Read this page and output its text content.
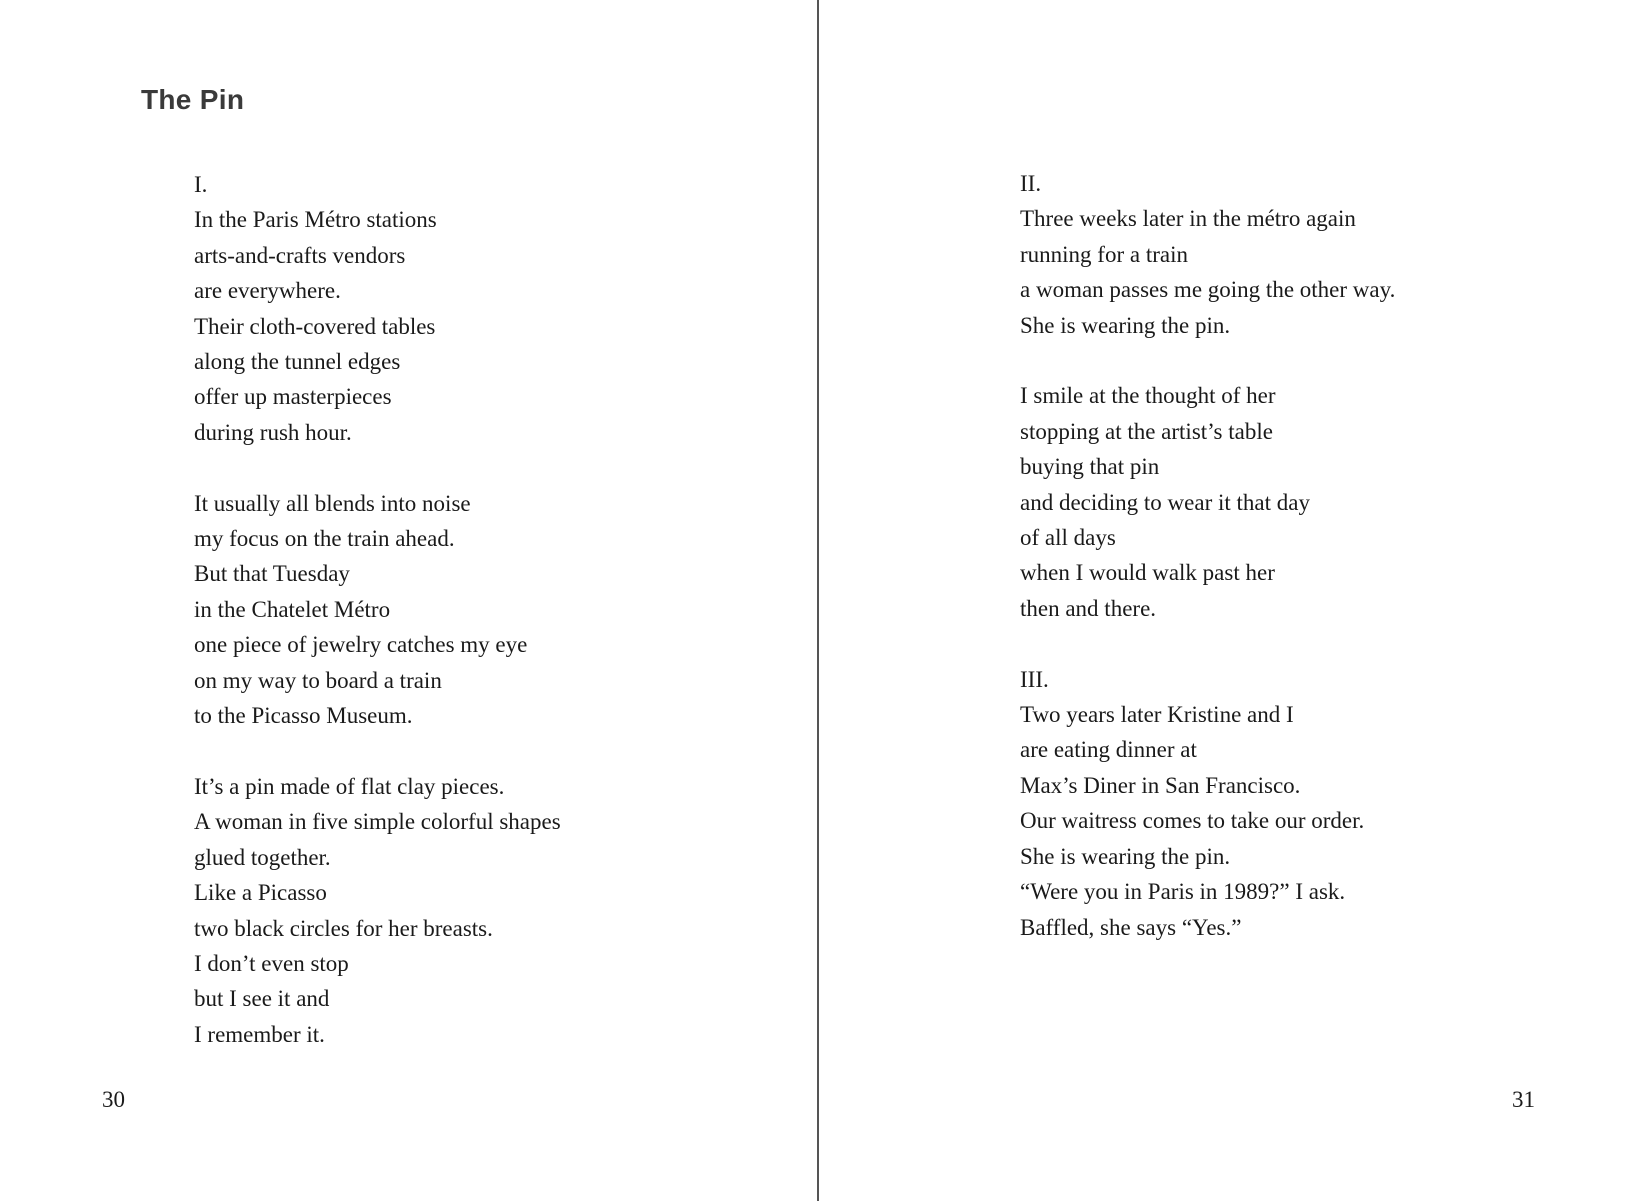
The Pin

I.
In the Paris Métro stations
arts-and-crafts vendors
are everywhere.
Their cloth-covered tables
along the tunnel edges
offer up masterpieces
during rush hour.

It usually all blends into noise
my focus on the train ahead.
But that Tuesday
in the Chatelet Métro
one piece of jewelry catches my eye
on my way to board a train
to the Picasso Museum.

It’s a pin made of flat clay pieces.
A woman in five simple colorful shapes
glued together.
Like a Picasso
two black circles for her breasts.
I don’t even stop
but I see it and
I remember it.

30

II.
Three weeks later in the métro again
running for a train
a woman passes me going the other way.
She is wearing the pin.

I smile at the thought of her
stopping at the artist’s table
buying that pin
and deciding to wear it that day
of all days
when I would walk past her
then and there.

III.
Two years later Kristine and I
are eating dinner at
Max’s Diner in San Francisco.
Our waitress comes to take our order.
She is wearing the pin.
“Were you in Paris in 1989?” I ask.
Baffled, she says “Yes.”

31
